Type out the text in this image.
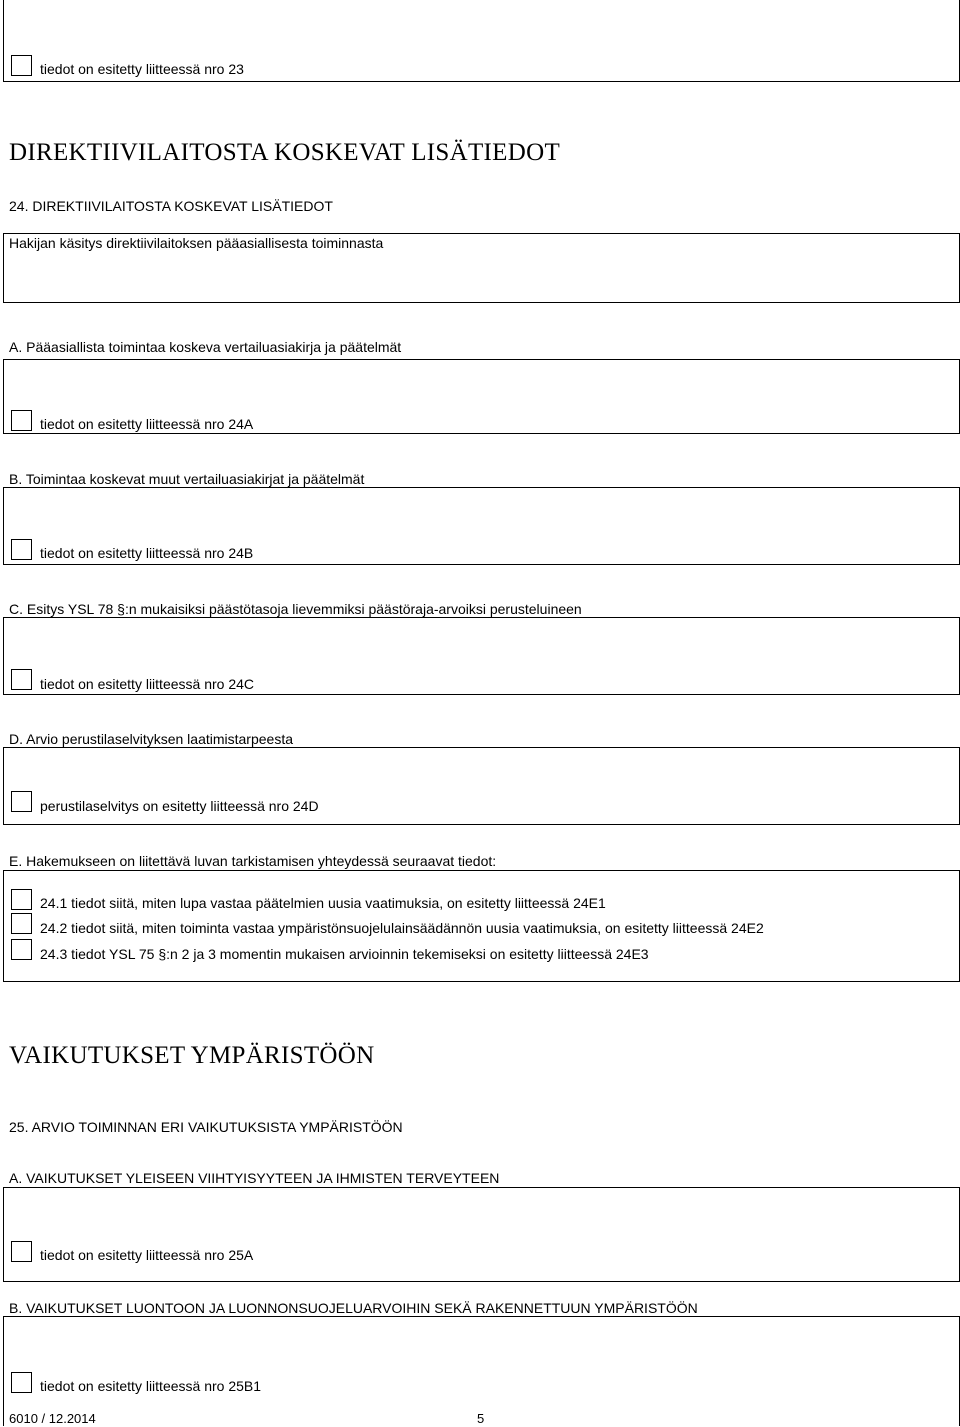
tiedot on esitetty liitteessä nro 23
DIREKTIIVILAITOSTA KOSKEVAT LISÄTIEDOT
24. DIREKTIIVILAITOSTA KOSKEVAT LISÄTIEDOT
Hakijan käsitys direktiivilaitoksen pääasiallisesta toiminnasta
A. Pääasiallista toimintaa koskeva vertailuasiakirja ja päätelmät
tiedot on esitetty liitteessä nro 24A
B. Toimintaa koskevat muut vertailuasiakirjat ja päätelmät
tiedot on esitetty liitteessä nro 24B
C. Esitys YSL 78 §:n mukaisiksi päästötasoja lievemmiksi päästöraja-arvoiksi perusteluineen
tiedot on esitetty liitteessä nro 24C
D. Arvio perustilaselvityksen laatimistarpeesta
perustilaselvitys on esitetty liitteessä nro 24D
E. Hakemukseen on liitettävä luvan tarkistamisen yhteydessä seuraavat tiedot:
24.1 tiedot siitä, miten lupa vastaa päätelmien uusia vaatimuksia, on esitetty liitteessä 24E1
24.2 tiedot siitä, miten toiminta vastaa ympäristönsuojelulainsäädännön uusia vaatimuksia, on esitetty liitteessä 24E2
24.3 tiedot YSL 75 §:n 2 ja 3 momentin mukaisen arvioinnin tekemiseksi on esitetty liitteessä 24E3
VAIKUTUKSET YMPÄRISTÖÖN
25. ARVIO TOIMINNAN ERI VAIKUTUKSISTA YMPÄRISTÖÖN
A. VAIKUTUKSET YLEISEEN VIIHTYISYYTEEN JA IHMISTEN TERVEYTEEN
tiedot on esitetty liitteessä nro 25A
B. VAIKUTUKSET LUONTOON JA LUONNONSUOJELUARVOIHIN SEKÄ RAKENNETTUUN YMPÄRISTÖÖN
tiedot on esitetty liitteessä nro 25B1
6010 / 12.2014	5
